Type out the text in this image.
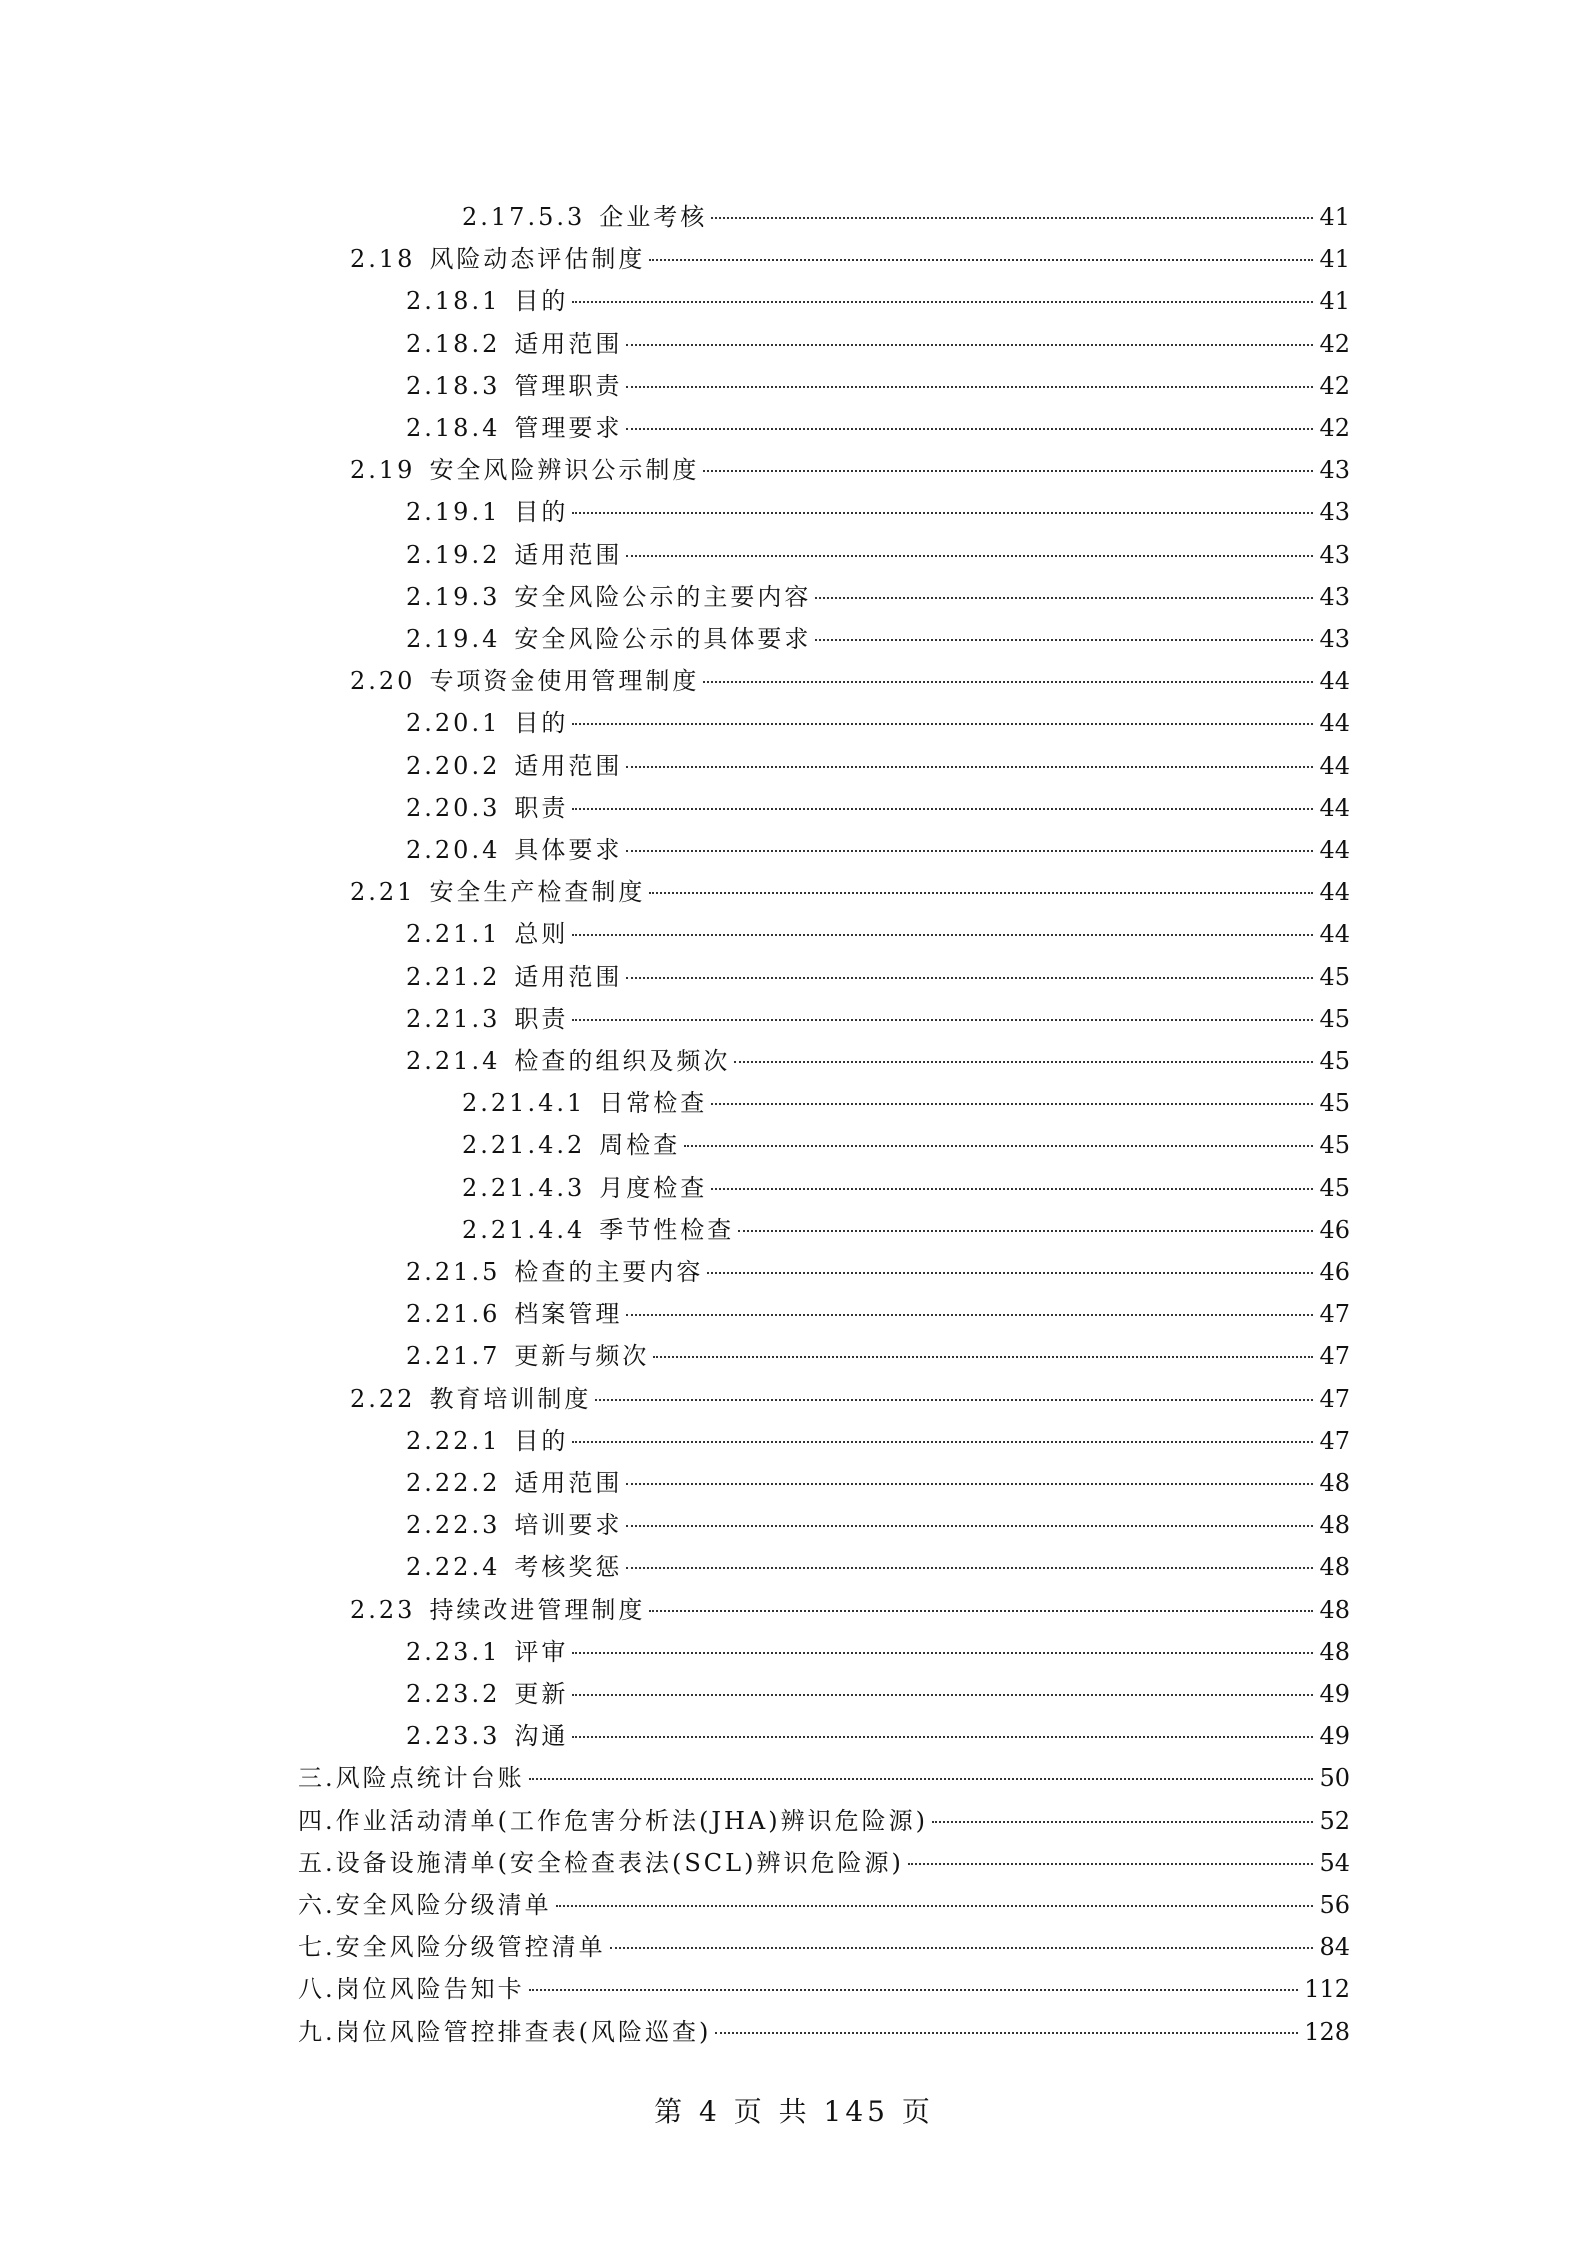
2.17.5.3 企业考核	41
2.18 风险动态评估制度	41
2.18.1 目的	41
2.18.2 适用范围	42
2.18.3 管理职责	42
2.18.4 管理要求	42
2.19 安全风险辨识公示制度	43
2.19.1 目的	43
2.19.2 适用范围	43
2.19.3 安全风险公示的主要内容	43
2.19.4 安全风险公示的具体要求	43
2.20 专项资金使用管理制度	44
2.20.1 目的	44
2.20.2 适用范围	44
2.20.3 职责	44
2.20.4 具体要求	44
2.21 安全生产检查制度	44
2.21.1 总则	44
2.21.2 适用范围	45
2.21.3 职责	45
2.21.4 检查的组织及频次	45
2.21.4.1 日常检查	45
2.21.4.2 周检查	45
2.21.4.3 月度检查	45
2.21.4.4 季节性检查	46
2.21.5 检查的主要内容	46
2.21.6 档案管理	47
2.21.7 更新与频次	47
2.22 教育培训制度	47
2.22.1 目的	47
2.22.2 适用范围	48
2.22.3 培训要求	48
2.22.4 考核奖惩	48
2.23 持续改进管理制度	48
2.23.1 评审	48
2.23.2 更新	49
2.23.3 沟通	49
三.风险点统计台账	50
四.作业活动清单(工作危害分析法(JHA)辨识危险源)	52
五.设备设施清单(安全检查表法(SCL)辨识危险源)	54
六.安全风险分级清单	56
七.安全风险分级管控清单	84
八.岗位风险告知卡	112
九.岗位风险管控排查表(风险巡查)	128
第 4 页 共 145 页
